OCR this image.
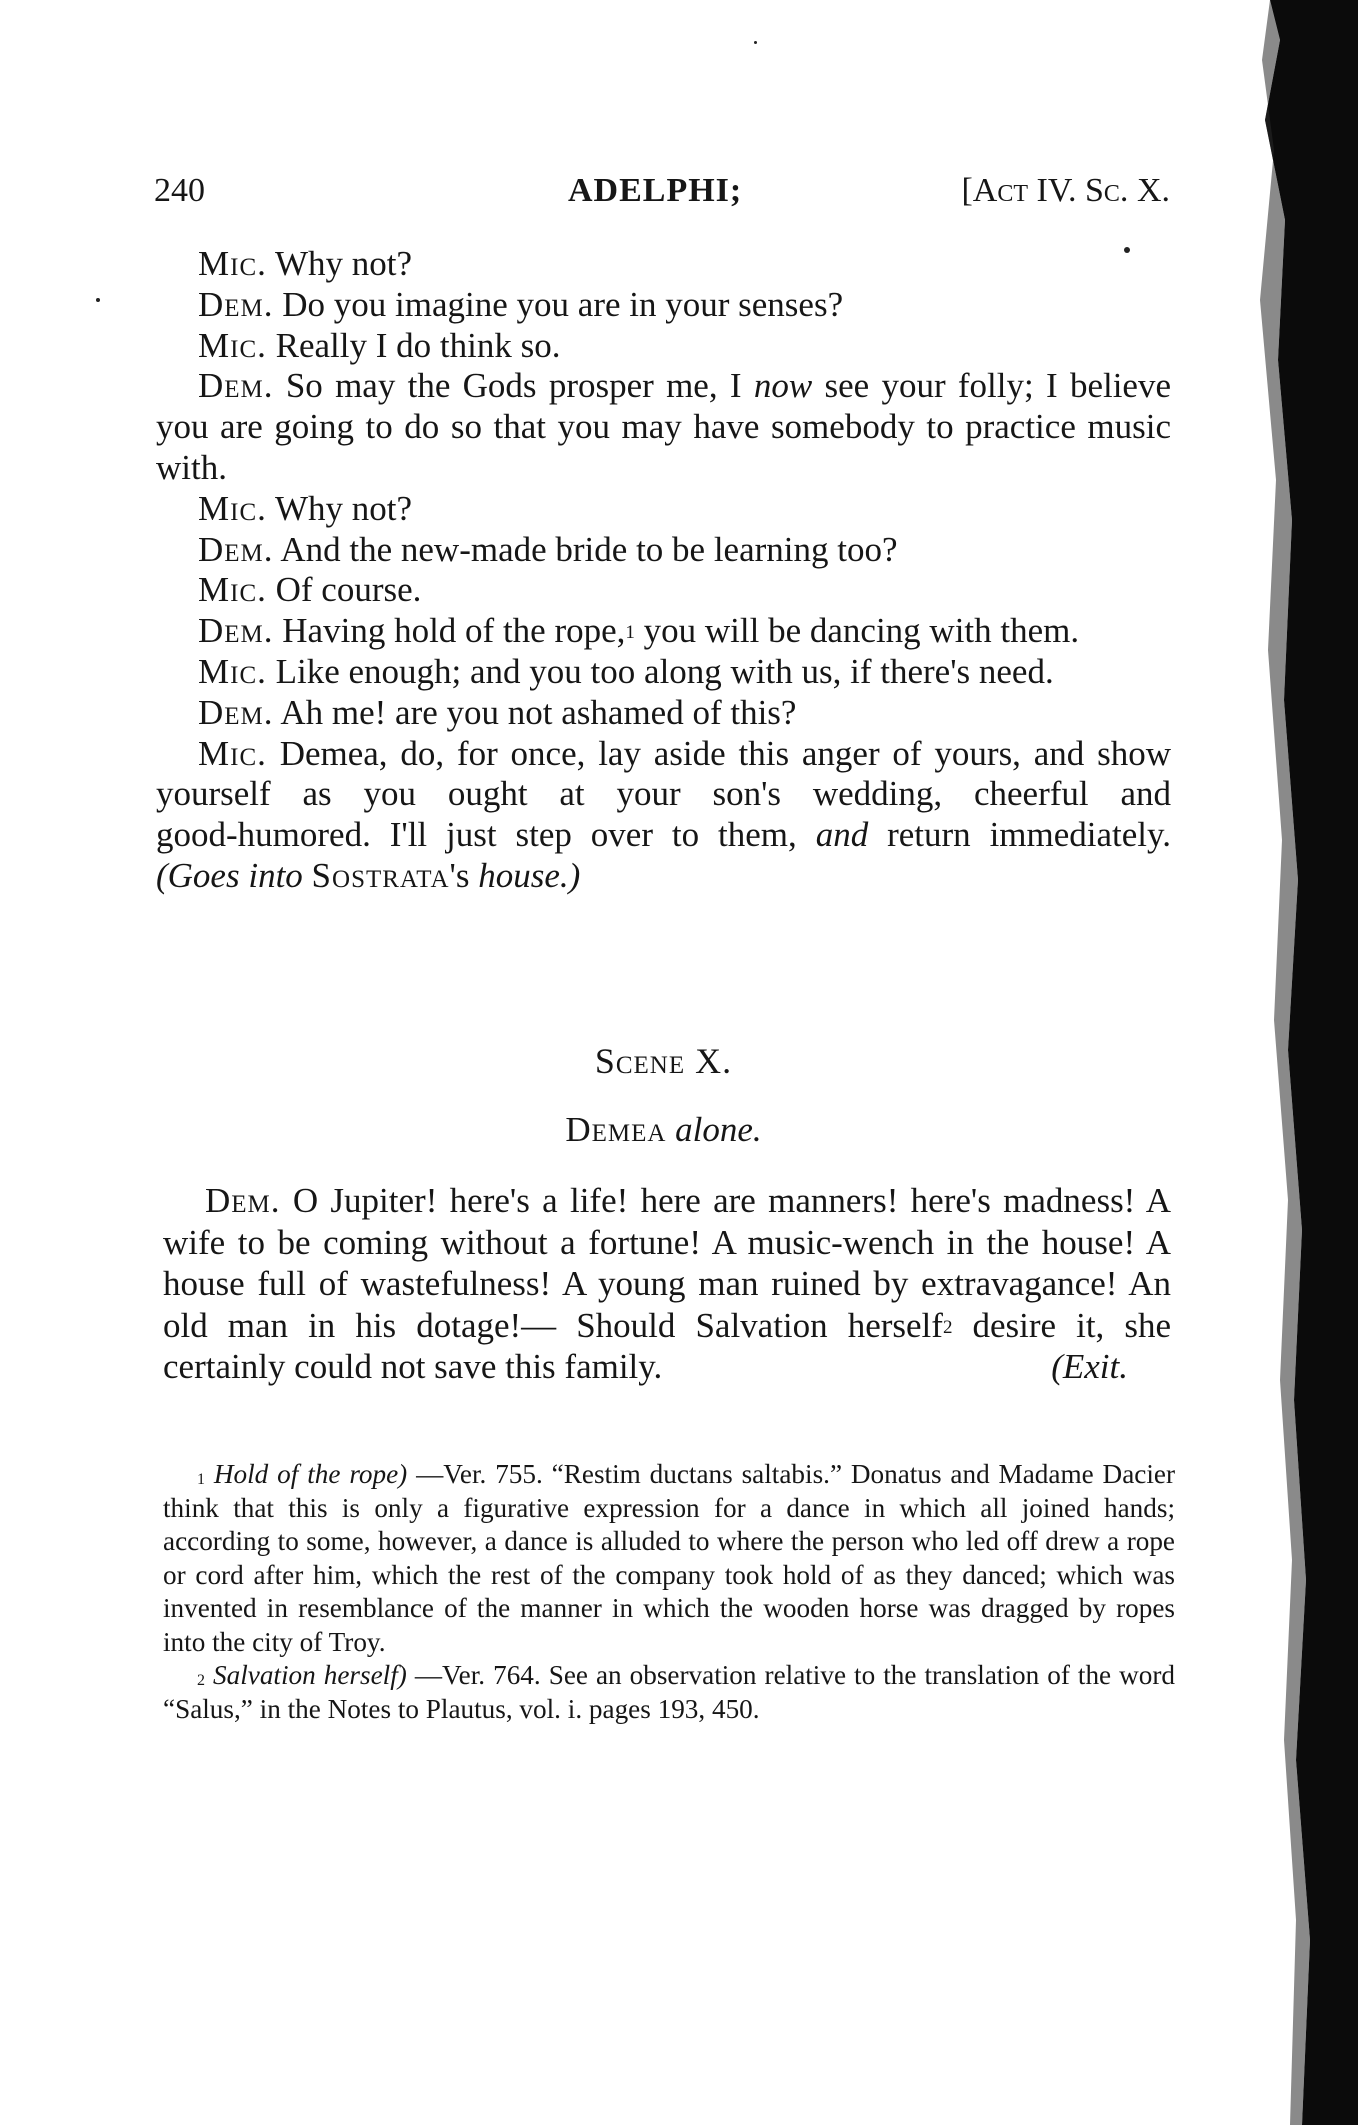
240	ADELPHI;	[Act IV. Sc. X.
Mic. Why not?
Dem. Do you imagine you are in your senses?
Mic. Really I do think so.
Dem. So may the Gods prosper me, I now see your folly; I believe
you are going to do so that you may have somebody to practice music
with.
Mic. Why not?
Dem. And the new-made bride to be learning too?
Mic. Of course.
Dem. Having hold of the rope,$^1$ you will be dancing with them.
Mic. Like enough; and you too along with us, if there's need.
Dem. Ah me! are you not ashamed of this?
Mic. Demea, do, for once, lay aside this anger of yours, and show
yourself as you ought at your son's wedding, cheerful and
good-humored. I'll just step over to them, and return immediately.
(Goes into Sostrata's house.)
Scene X.
Demea alone.
Dem. O Jupiter! here's a life! here are manners! here's madness! A
wife to be coming without a fortune! A music-wench in the house! A
house full of wastefulness! A young man ruined by extravagance! An
old man in his dotage!— Should Salvation herself$^2$ desire it, she
certainly could not save this family.	(Exit.
$^1$ Hold of the rope) —Ver. 755. “Restim ductans saltabis.” Donatus and Madame Dacier
think that this is only a figurative expression for a dance in which all joined hands;
according to some, however, a dance is alluded to where the person who led off drew a rope
or cord after him, which the rest of the company took hold of as they danced; which was
invented in resemblance of the manner in which the wooden horse was dragged by ropes
into the city of Troy.
$^2$ Salvation herself) —Ver. 764. See an observation relative to the translation of the word
“Salus,” in the Notes to Plautus, vol. i. pages 193, 450.
